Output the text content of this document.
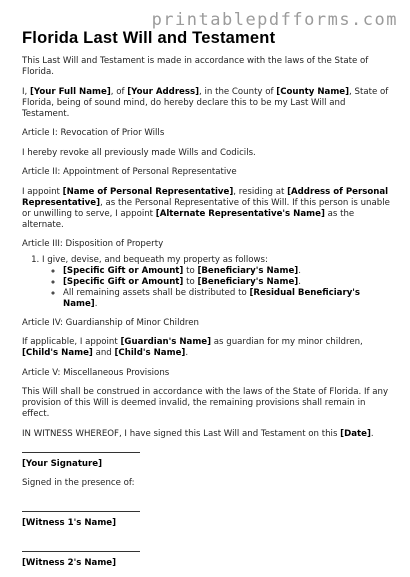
printablepdfforms.com
Florida Last Will and Testament

This Last Will and Testament is made in accordance with the laws of the State of Florida.

I, [Your Full Name], of [Your Address], in the County of [County Name], State of Florida, being of sound mind, do hereby declare this to be my Last Will and Testament.

Article I: Revocation of Prior Wills

I hereby revoke all previously made Wills and Codicils.

Article II: Appointment of Personal Representative

I appoint [Name of Personal Representative], residing at [Address of Personal Representative], as the Personal Representative of this Will. If this person is unable or unwilling to serve, I appoint [Alternate Representative's Name] as the alternate.

Article III: Disposition of Property

1. I give, devise, and bequeath my property as follows:
◦ [Specific Gift or Amount] to [Beneficiary's Name].
◦ [Specific Gift or Amount] to [Beneficiary's Name].
◦ All remaining assets shall be distributed to [Residual Beneficiary's Name].

Article IV: Guardianship of Minor Children

If applicable, I appoint [Guardian's Name] as guardian for my minor children, [Child's Name] and [Child's Name].

Article V: Miscellaneous Provisions

This Will shall be construed in accordance with the laws of the State of Florida. If any provision of this Will is deemed invalid, the remaining provisions shall remain in effect.

IN WITNESS WHEREOF, I have signed this Last Will and Testament on this [Date].

[Your Signature]

Signed in the presence of:

[Witness 1's Name]
[Witness 2's Name]
